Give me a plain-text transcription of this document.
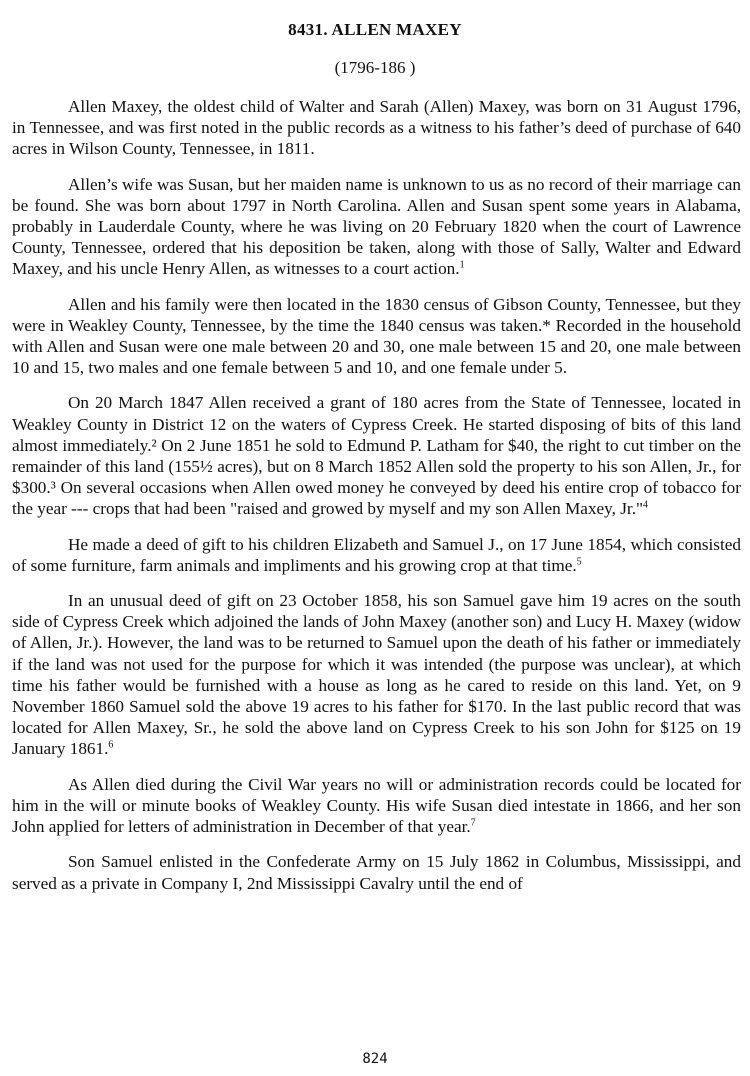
8431. ALLEN MAXEY
(1796-186 )

Allen Maxey, the oldest child of Walter and Sarah (Allen) Maxey, was born on 31 August 1796, in Tennessee, and was first noted in the public records as a witness to his father’s deed of purchase of 640 acres in Wilson County, Tennessee, in 1811.

Allen’s wife was Susan, but her maiden name is unknown to us as no record of their marriage can be found. She was born about 1797 in North Carolina. Allen and Susan spent some years in Alabama, probably in Lauderdale County, where he was living on 20 February 1820 when the court of Lawrence County, Tennessee, ordered that his deposition be taken, along with those of Sally, Walter and Edward Maxey, and his uncle Henry Allen, as witnesses to a court action.$^1$

Allen and his family were then located in the 1830 census of Gibson County, Tennessee, but they were in Weakley County, Tennessee, by the time the 1840 census was taken.* Recorded in the household with Allen and Susan were one male between 20 and 30, one male between 15 and 20, one male between 10 and 15, two males and one female between 5 and 10, and one female under 5.

On 20 March 1847 Allen received a grant of 180 acres from the State of Tennessee, located in Weakley County in District 12 on the waters of Cypress Creek. He started disposing of bits of this land almost immediately.² On 2 June 1851 he sold to Edmund P. Latham for $40, the right to cut timber on the remainder of this land (155½ acres), but on 8 March 1852 Allen sold the property to his son Allen, Jr., for $300.³ On several occasions when Allen owed money he conveyed by deed his entire crop of tobacco for the year --- crops that had been "raised and growed by myself and my son Allen Maxey, Jr."$^4$

He made a deed of gift to his children Elizabeth and Samuel J., on 17 June 1854, which consisted of some furniture, farm animals and impliments and his growing crop at that time.$^5$

In an unusual deed of gift on 23 October 1858, his son Samuel gave him 19 acres on the south side of Cypress Creek which adjoined the lands of John Maxey (another son) and Lucy H. Maxey (widow of Allen, Jr.). However, the land was to be returned to Samuel upon the death of his father or immediately if the land was not used for the purpose for which it was intended (the purpose was unclear), at which time his father would be furnished with a house as long as he cared to reside on this land. Yet, on 9 November 1860 Samuel sold the above 19 acres to his father for $170. In the last public record that was located for Allen Maxey, Sr., he sold the above land on Cypress Creek to his son John for $125 on 19 January 1861.$^6$

As Allen died during the Civil War years no will or administration records could be located for him in the will or minute books of Weakley County. His wife Susan died intestate in 1866, and her son John applied for letters of administration in December of that year.$^7$

Son Samuel enlisted in the Confederate Army on 15 July 1862 in Columbus, Mississippi, and served as a private in Company I, 2nd Mississippi Cavalry until the end of

824
